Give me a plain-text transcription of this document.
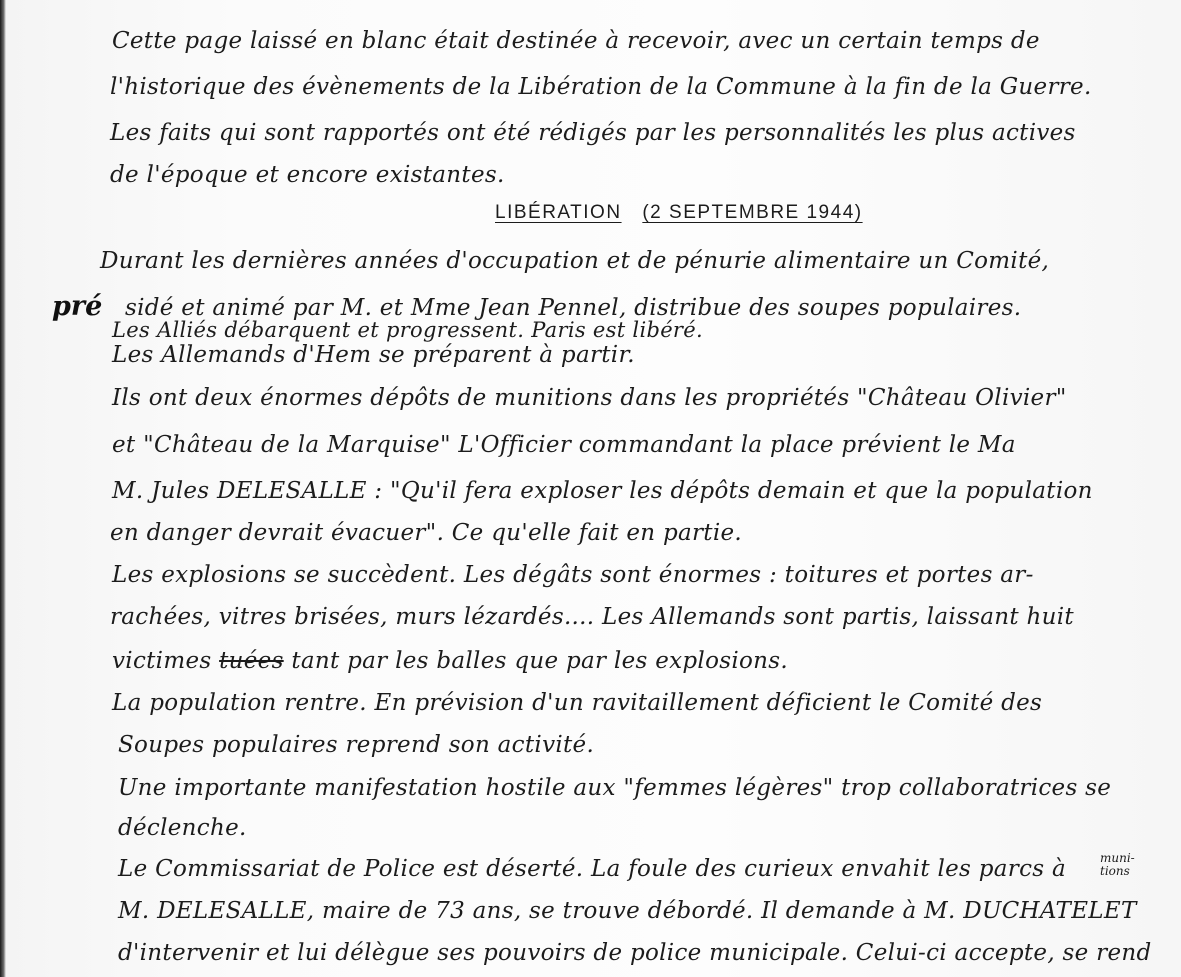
Cette page laissé en blanc était destinée à recevoir, avec un certain temps de
l'historique des évènements de la Libération de la Commune à la fin de la Guerre.
Les faits qui sont rapportés ont été rédigés par les personnalités les plus actives
de l'époque et encore existantes.
LIBÉRATION (2 SEPTEMBRE 1944)
pré
Durant les dernières années d'occupation et de pénurie alimentaire un Comité,
sidé et animé par M. et Mme Jean Pennel, distribue des soupes populaires.
Les Alliés débarquent et progressent. Paris est libéré.
Les Allemands d'Hem se préparent à partir.
Ils ont deux énormes dépôts de munitions dans les propriétés "Château Olivier"
et "Château de la Marquise" L'Officier commandant la place prévient le Ma
M. Jules DELESALLE : "Qu'il fera exploser les dépôts demain et que la population
en danger devrait évacuer". Ce qu'elle fait en partie.
Les explosions se succèdent. Les dégâts sont énormes : toitures et portes ar-
rachées, vitres brisées, murs lézardés.... Les Allemands sont partis, laissant huit
victimes tuées tant par les balles que par les explosions.
La population rentre. En prévision d'un ravitaillement déficient le Comité des
Soupes populaires reprend son activité.
Une importante manifestation hostile aux "femmes légères" trop collaboratrices se
déclenche.
Le Commissariat de Police est déserté. La foule des curieux envahit les parcs à	muni-
tions
M. DELESALLE, maire de 73 ans, se trouve débordé. Il demande à M. DUCHATELET
d'intervenir et lui délègue ses pouvoirs de police municipale. Celui-ci accepte, se rend
